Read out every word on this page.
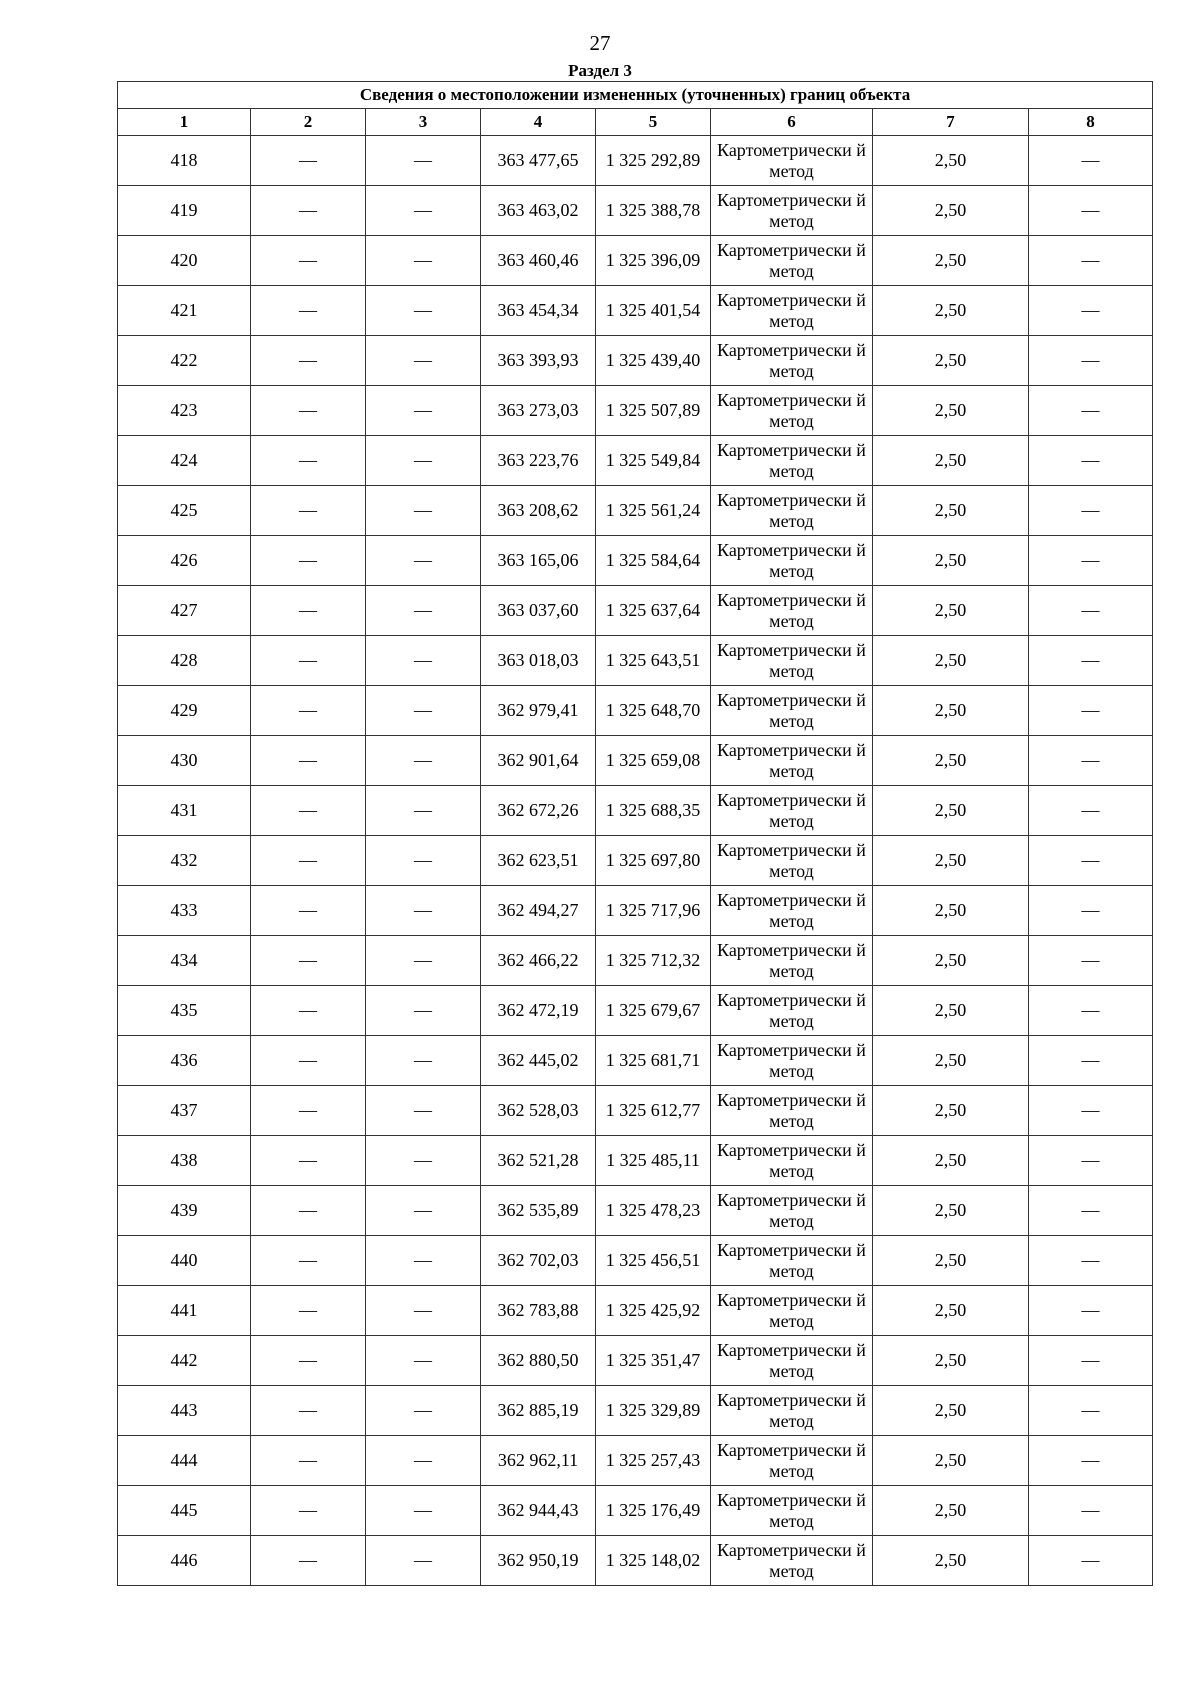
27
Раздел 3
Сведения о местоположении измененных (уточненных) границ объекта							
1	2	3	4	5	6	7	8
418	—	—	363 477,65	1 325 292,89	Картометрически й метод	2,50	—
419	—	—	363 463,02	1 325 388,78	Картометрически й метод	2,50	—
420	—	—	363 460,46	1 325 396,09	Картометрически й метод	2,50	—
421	—	—	363 454,34	1 325 401,54	Картометрически й метод	2,50	—
422	—	—	363 393,93	1 325 439,40	Картометрически й метод	2,50	—
423	—	—	363 273,03	1 325 507,89	Картометрически й метод	2,50	—
424	—	—	363 223,76	1 325 549,84	Картометрически й метод	2,50	—
425	—	—	363 208,62	1 325 561,24	Картометрически й метод	2,50	—
426	—	—	363 165,06	1 325 584,64	Картометрически й метод	2,50	—
427	—	—	363 037,60	1 325 637,64	Картометрически й метод	2,50	—
428	—	—	363 018,03	1 325 643,51	Картометрически й метод	2,50	—
429	—	—	362 979,41	1 325 648,70	Картометрически й метод	2,50	—
430	—	—	362 901,64	1 325 659,08	Картометрически й метод	2,50	—
431	—	—	362 672,26	1 325 688,35	Картометрически й метод	2,50	—
432	—	—	362 623,51	1 325 697,80	Картометрически й метод	2,50	—
433	—	—	362 494,27	1 325 717,96	Картометрически й метод	2,50	—
434	—	—	362 466,22	1 325 712,32	Картометрически й метод	2,50	—
435	—	—	362 472,19	1 325 679,67	Картометрически й метод	2,50	—
436	—	—	362 445,02	1 325 681,71	Картометрически й метод	2,50	—
437	—	—	362 528,03	1 325 612,77	Картометрически й метод	2,50	—
438	—	—	362 521,28	1 325 485,11	Картометрически й метод	2,50	—
439	—	—	362 535,89	1 325 478,23	Картометрически й метод	2,50	—
440	—	—	362 702,03	1 325 456,51	Картометрически й метод	2,50	—
441	—	—	362 783,88	1 325 425,92	Картометрически й метод	2,50	—
442	—	—	362 880,50	1 325 351,47	Картометрически й метод	2,50	—
443	—	—	362 885,19	1 325 329,89	Картометрически й метод	2,50	—
444	—	—	362 962,11	1 325 257,43	Картометрически й метод	2,50	—
445	—	—	362 944,43	1 325 176,49	Картометрически й метод	2,50	—
446	—	—	362 950,19	1 325 148,02	Картометрически й метод	2,50	—
